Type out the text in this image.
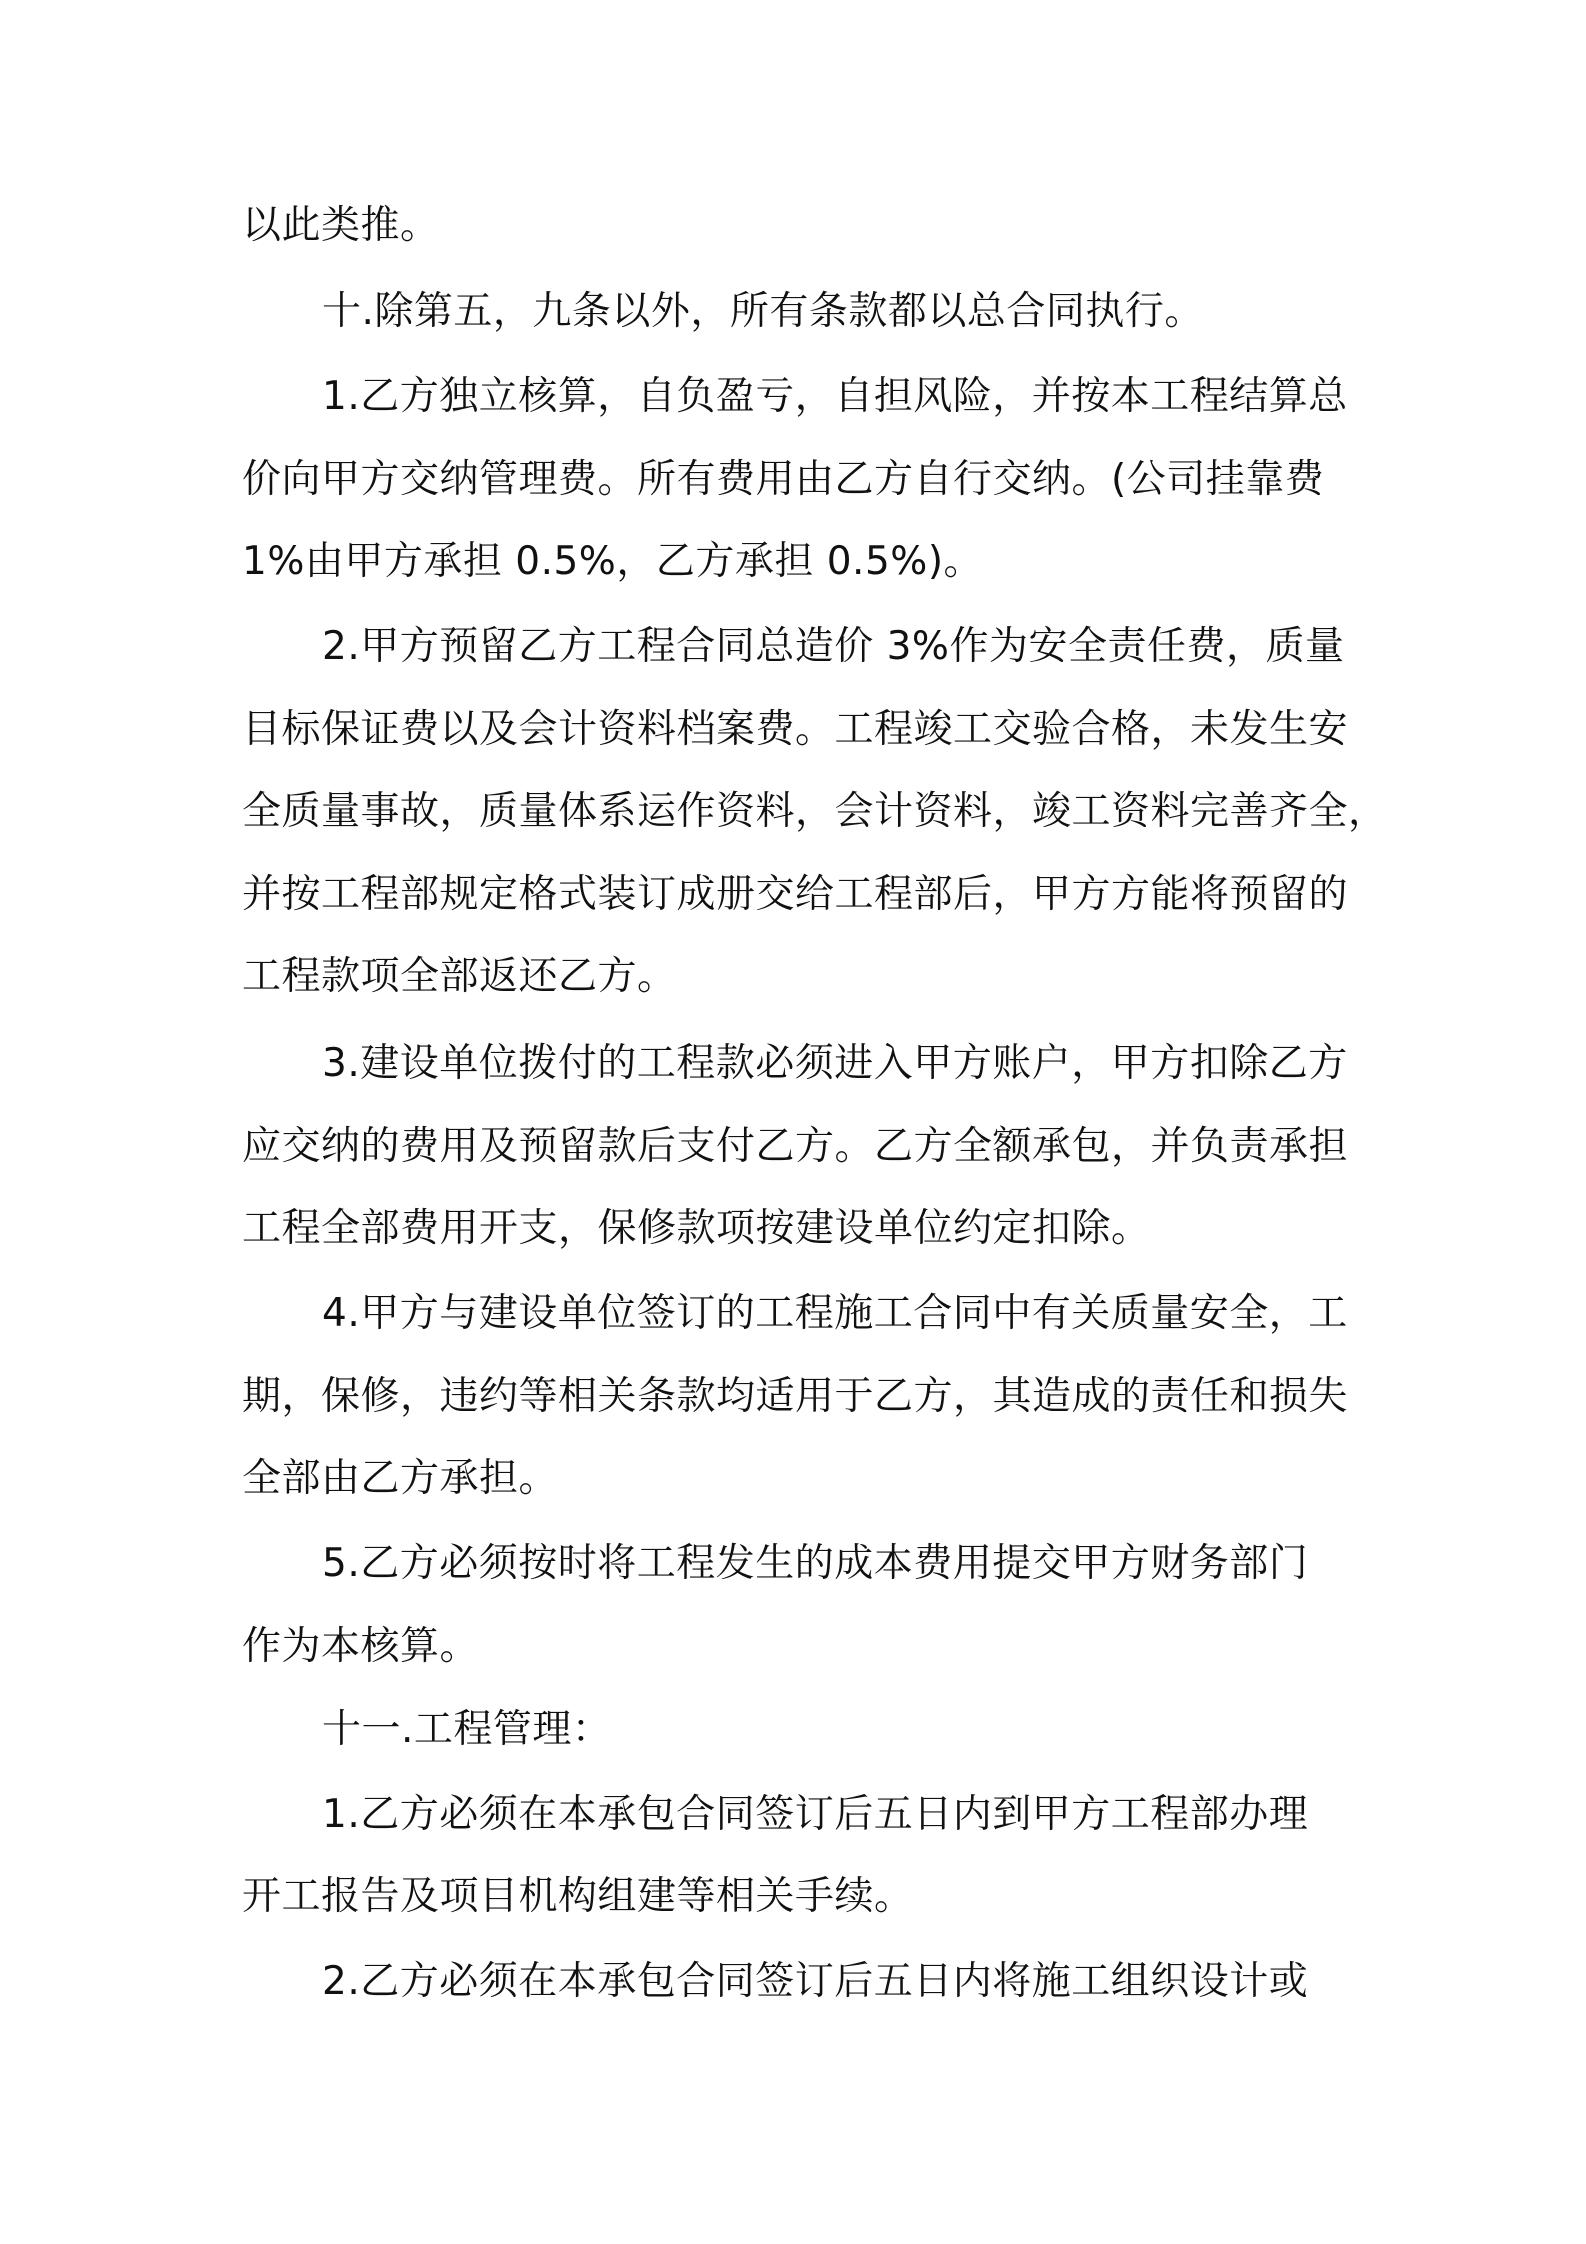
以此类推。
十.除第五，九条以外，所有条款都以总合同执行。
1.乙方独立核算，自负盈亏，自担风险，并按本工程结算总
价向甲方交纳管理费。所有费用由乙方自行交纳。(公司挂靠费
1%由甲方承担 0.5%，乙方承担 0.5%)。
2.甲方预留乙方工程合同总造价 3%作为安全责任费，质量
目标保证费以及会计资料档案费。工程竣工交验合格，未发生安
全质量事故，质量体系运作资料，会计资料，竣工资料完善齐全，
并按工程部规定格式装订成册交给工程部后，甲方方能将预留的
工程款项全部返还乙方。
3.建设单位拨付的工程款必须进入甲方账户，甲方扣除乙方
应交纳的费用及预留款后支付乙方。乙方全额承包，并负责承担
工程全部费用开支，保修款项按建设单位约定扣除。
4.甲方与建设单位签订的工程施工合同中有关质量安全，工
期，保修，违约等相关条款均适用于乙方，其造成的责任和损失
全部由乙方承担。
5.乙方必须按时将工程发生的成本费用提交甲方财务部门
作为本核算。
十一.工程管理：
1.乙方必须在本承包合同签订后五日内到甲方工程部办理
开工报告及项目机构组建等相关手续。
2.乙方必须在本承包合同签订后五日内将施工组织设计或
